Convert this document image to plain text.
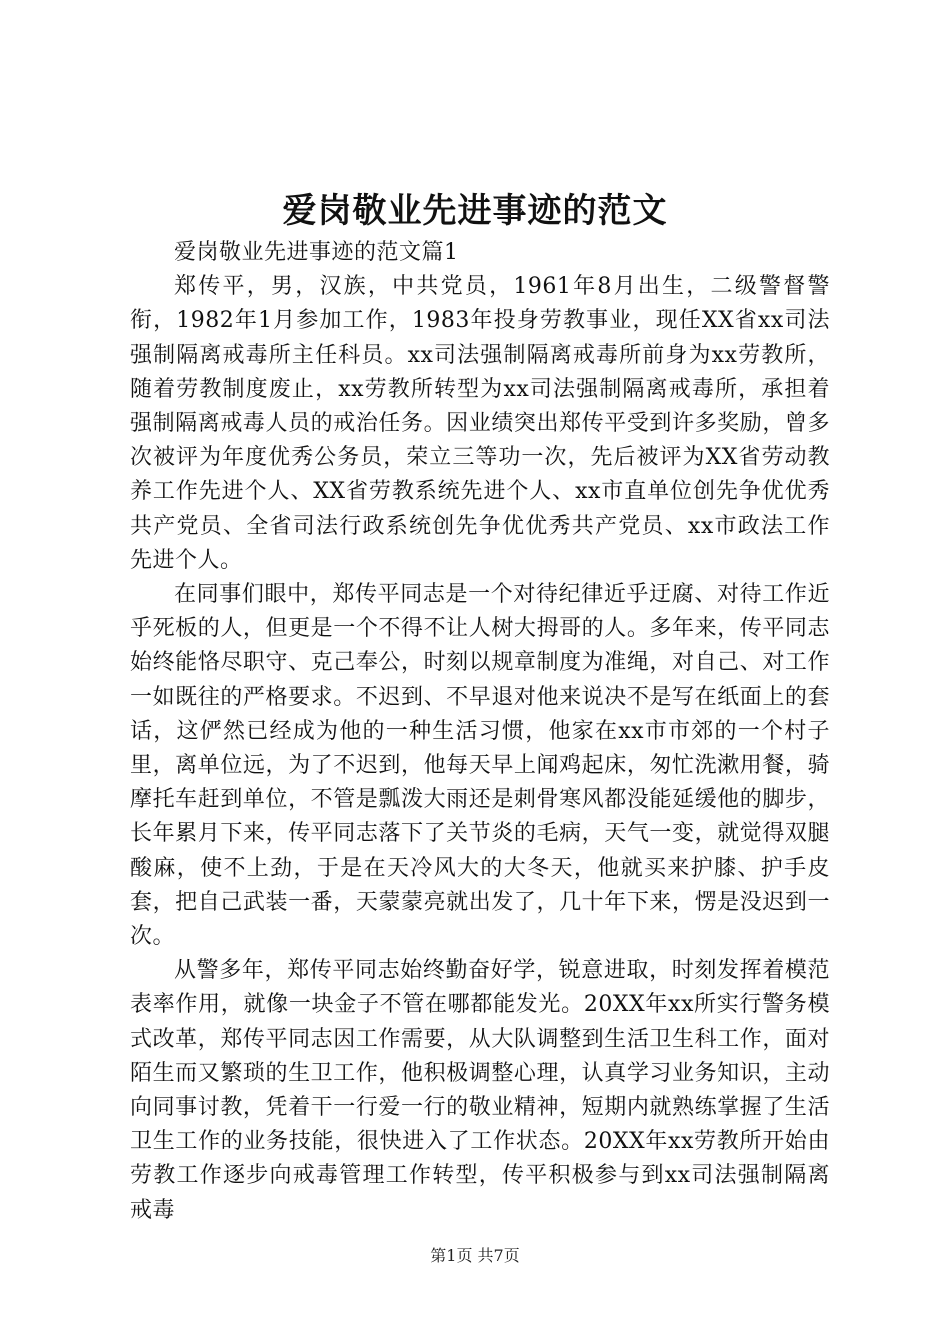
爱岗敬业先进事迹的范文

爱岗敬业先进事迹的范文篇1

郑传平，男，汉族，中共党员，1961年8月出生，二级警督警衔，1982年1月参加工作，1983年投身劳教事业，现任XX省xx司法强制隔离戒毒所主任科员。xx司法强制隔离戒毒所前身为xx劳教所，随着劳教制度废止，xx劳教所转型为xx司法强制隔离戒毒所，承担着强制隔离戒毒人员的戒治任务。因业绩突出郑传平受到许多奖励，曾多次被评为年度优秀公务员，荣立三等功一次，先后被评为XX省劳动教养工作先进个人、XX省劳教系统先进个人、xx市直单位创先争优优秀共产党员、全省司法行政系统创先争优优秀共产党员、xx市政法工作先进个人。

在同事们眼中，郑传平同志是一个对待纪律近乎迂腐、对待工作近乎死板的人，但更是一个不得不让人树大拇哥的人。多年来，传平同志始终能恪尽职守、克己奉公，时刻以规章制度为准绳，对自己、对工作一如既往的严格要求。不迟到、不早退对他来说决不是写在纸面上的套话，这俨然已经成为他的一种生活习惯，他家在xx市市郊的一个村子里，离单位远，为了不迟到，他每天早上闻鸡起床，匆忙洗漱用餐，骑摩托车赶到单位，不管是瓢泼大雨还是刺骨寒风都没能延缓他的脚步，长年累月下来，传平同志落下了关节炎的毛病，天气一变，就觉得双腿酸麻，使不上劲，于是在天冷风大的大冬天，他就买来护膝、护手皮套，把自己武装一番，天蒙蒙亮就出发了，几十年下来，愣是没迟到一次。

从警多年，郑传平同志始终勤奋好学，锐意进取，时刻发挥着模范表率作用，就像一块金子不管在哪都能发光。20XX年xx所实行警务模式改革，郑传平同志因工作需要，从大队调整到生活卫生科工作，面对陌生而又繁琐的生卫工作，他积极调整心理，认真学习业务知识，主动向同事讨教，凭着干一行爱一行的敬业精神，短期内就熟练掌握了生活卫生工作的业务技能，很快进入了工作状态。20XX年xx劳教所开始由劳教工作逐步向戒毒管理工作转型，传平积极参与到xx司法强制隔离戒毒

第1页 共7页
